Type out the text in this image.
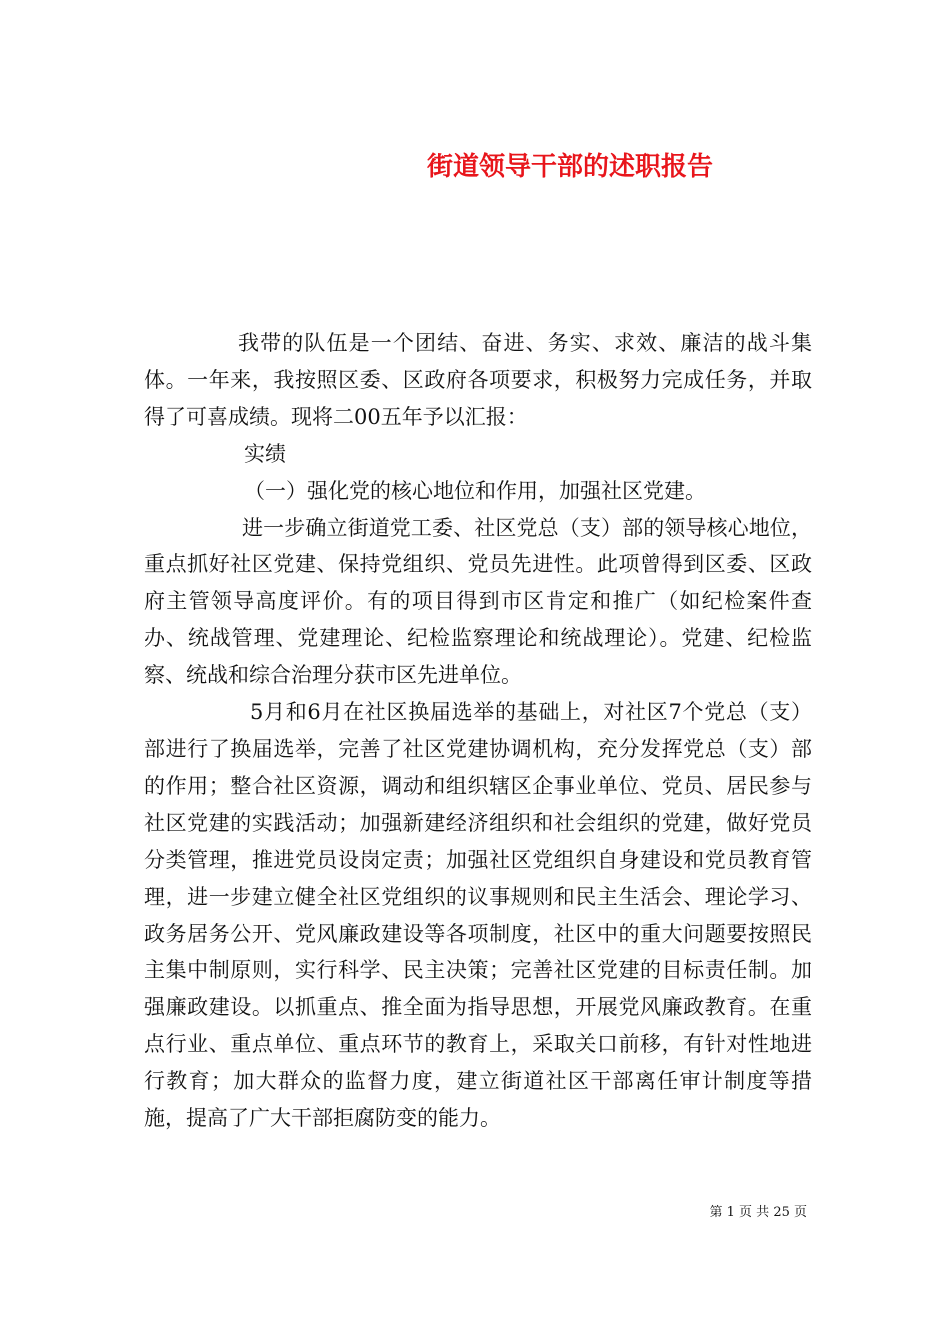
街道领导干部的述职报告

我带的队伍是一个团结、奋进、务实、求效、廉洁的战斗集体。一年来，我按照区委、区政府各项要求，积极努力完成任务，并取得了可喜成绩。现将二00五年予以汇报：

实绩

（一）强化党的核心地位和作用，加强社区党建。

进一步确立街道党工委、社区党总（支）部的领导核心地位，重点抓好社区党建、保持党组织、党员先进性。此项曾得到区委、区政府主管领导高度评价。有的项目得到市区肯定和推广（如纪检案件查办、统战管理、党建理论、纪检监察理论和统战理论）。党建、纪检监察、统战和综合治理分获市区先进单位。

5月和6月在社区换届选举的基础上，对社区7个党总（支）部进行了换届选举，完善了社区党建协调机构，充分发挥党总（支）部的作用；整合社区资源，调动和组织辖区企事业单位、党员、居民参与社区党建的实践活动；加强新建经济组织和社会组织的党建，做好党员分类管理，推进党员设岗定责；加强社区党组织自身建设和党员教育管理，进一步建立健全社区党组织的议事规则和民主生活会、理论学习、政务居务公开、党风廉政建设等各项制度，社区中的重大问题要按照民主集中制原则，实行科学、民主决策；完善社区党建的目标责任制。加强廉政建设。以抓重点、推全面为指导思想，开展党风廉政教育。在重点行业、重点单位、重点环节的教育上，采取关口前移，有针对性地进行教育；加大群众的监督力度，建立街道社区干部离任审计制度等措施，提高了广大干部拒腐防变的能力。

第 1 页 共 25 页
